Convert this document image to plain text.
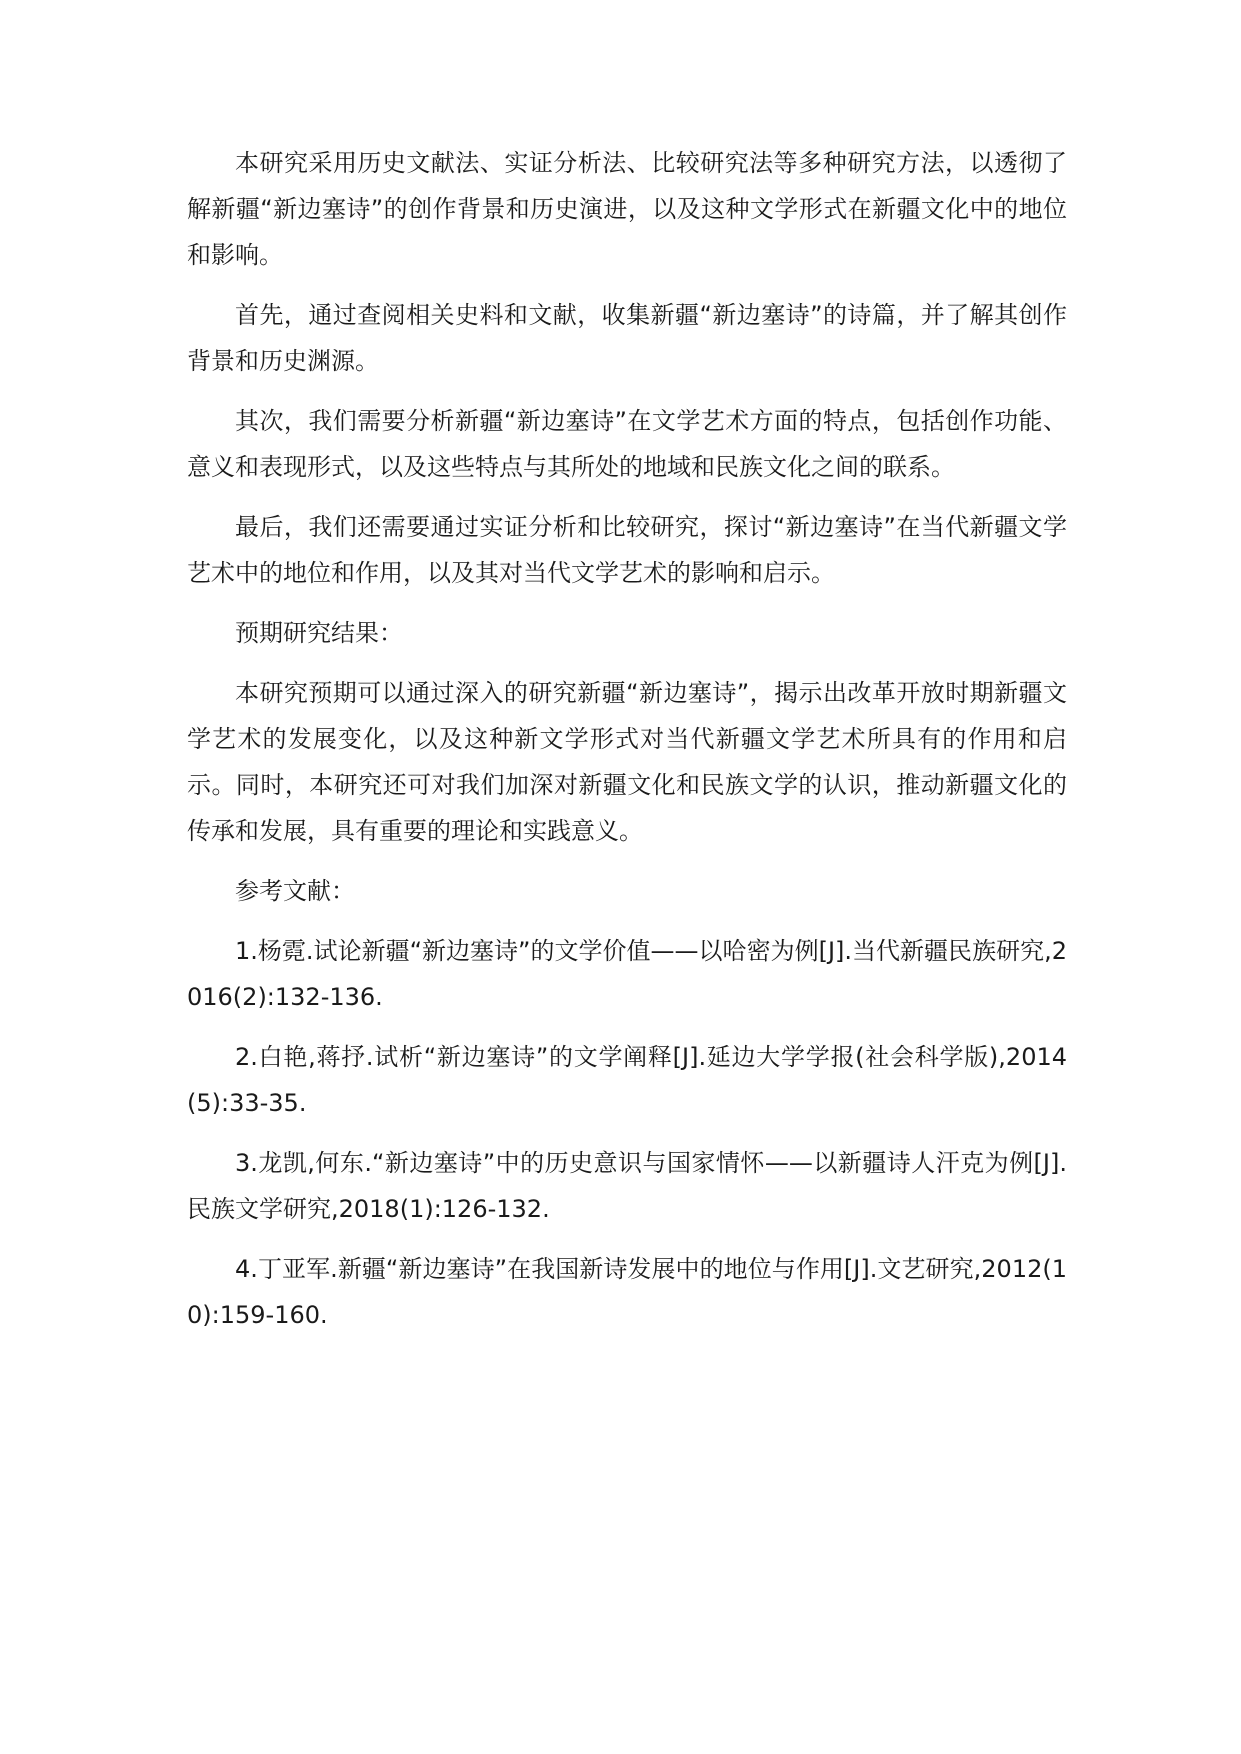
本研究采用历史文献法、实证分析法、比较研究法等多种研究方法，以透彻了解新疆“新边塞诗”的创作背景和历史演进，以及这种文学形式在新疆文化中的地位和影响。

首先，通过查阅相关史料和文献，收集新疆“新边塞诗”的诗篇，并了解其创作背景和历史渊源。

其次，我们需要分析新疆“新边塞诗”在文学艺术方面的特点，包括创作功能、意义和表现形式，以及这些特点与其所处的地域和民族文化之间的联系。

最后，我们还需要通过实证分析和比较研究，探讨“新边塞诗”在当代新疆文学艺术中的地位和作用，以及其对当代文学艺术的影响和启示。

预期研究结果：

本研究预期可以通过深入的研究新疆“新边塞诗”，揭示出改革开放时期新疆文学艺术的发展变化，以及这种新文学形式对当代新疆文学艺术所具有的作用和启示。同时，本研究还可对我们加深对新疆文化和民族文学的认识，推动新疆文化的传承和发展，具有重要的理论和实践意义。

参考文献：

1.杨霓.试论新疆“新边塞诗”的文学价值——以哈密为例[J].当代新疆民族研究,2016(2):132-136.

2.白艳,蒋抒.试析“新边塞诗”的文学阐释[J].延边大学学报(社会科学版),2014(5):33-35.

3.龙凯,何东.“新边塞诗”中的历史意识与国家情怀——以新疆诗人汗克为例[J].民族文学研究,2018(1):126-132.

4.丁亚军.新疆“新边塞诗”在我国新诗发展中的地位与作用[J].文艺研究,2012(10):159-160.
